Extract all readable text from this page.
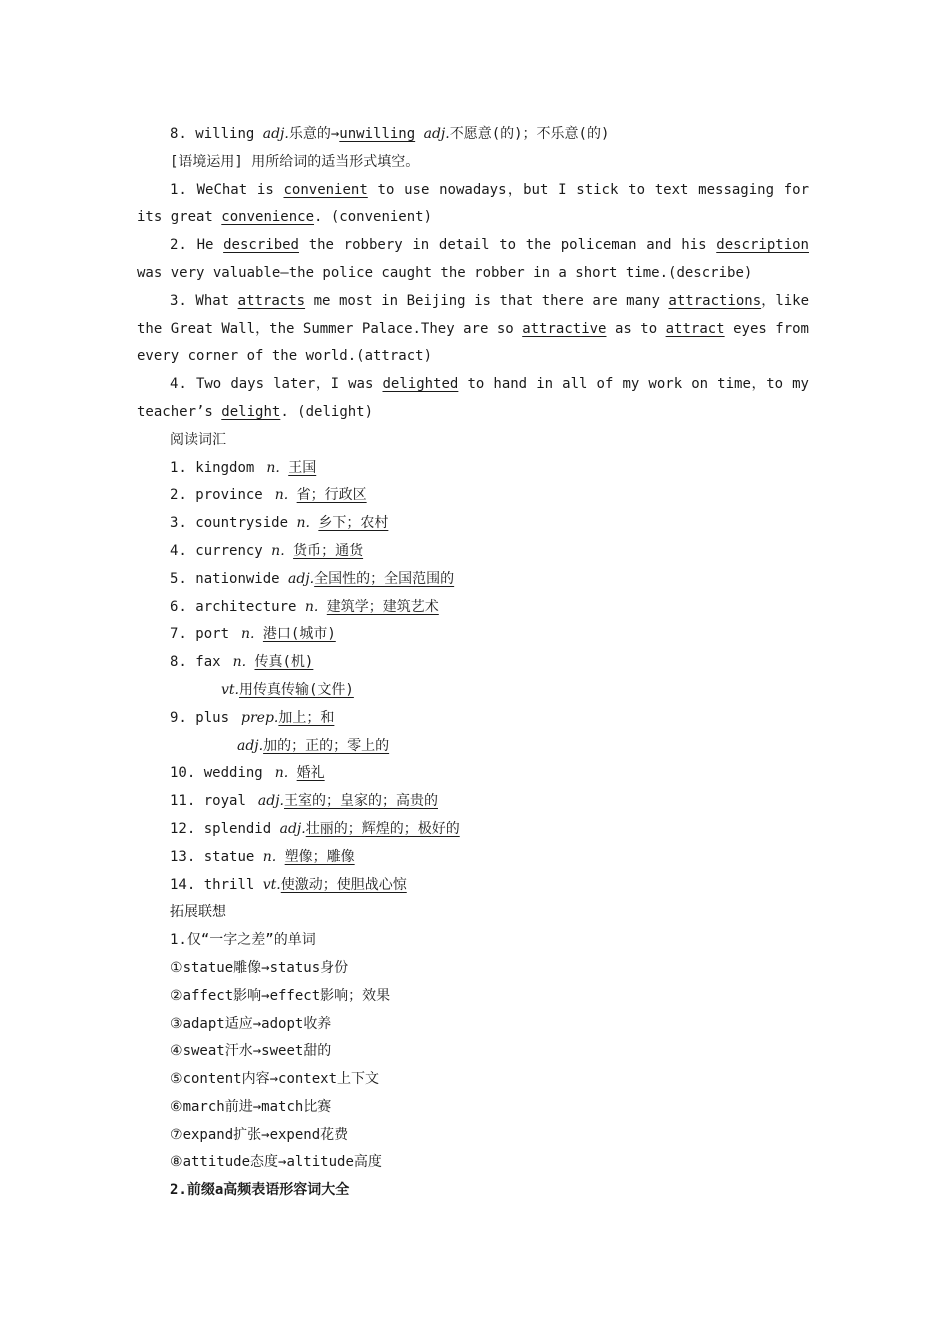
8. willing adj.乐意的→unwilling adj.不愿意(的)；不乐意(的)
[语境运用] 用所给词的适当形式填空。
1. WeChat is convenient to use nowadays，but I stick to text messaging for
its great convenience. (convenient)
2. He described the robbery in detail to the policeman and his description
was very valuable—the police caught the robber in a short time.(describe)
3. What attracts me most in Beijing is that there are many attractions，like
the Great Wall，the Summer Palace.They are so attractive as to attract eyes from
every corner of the world.(attract)
4. Two days later，I was delighted to hand in all of my work on time，to my
teacher’s delight. (delight)
阅读词汇
1. kingdom n. 王国
2. province n. 省；行政区
3. countryside n. 乡下；农村
4. currency n. 货币；通货
5. nationwide adj.全国性的；全国范围的
6. architecture n. 建筑学；建筑艺术
7. port n. 港口(城市)
8. fax n. 传真(机)
vt.用传真传输(文件)
9. plus prep.加上；和
adj.加的；正的；零上的
10. wedding n. 婚礼
11. royal adj.王室的；皇家的；高贵的
12. splendid adj.壮丽的；辉煌的；极好的
13. statue n. 塑像；雕像
14. thrill vt.使激动；使胆战心惊
拓展联想
1.仅“一字之差”的单词
①statue雕像→status身份
②affect影响→effect影响；效果
③adapt适应→adopt收养
④sweat汗水→sweet甜的
⑤content内容→context上下文
⑥march前进→match比赛
⑦expand扩张→expend花费
⑧attitude态度→altitude高度
2.前缀a高频表语形容词大全
